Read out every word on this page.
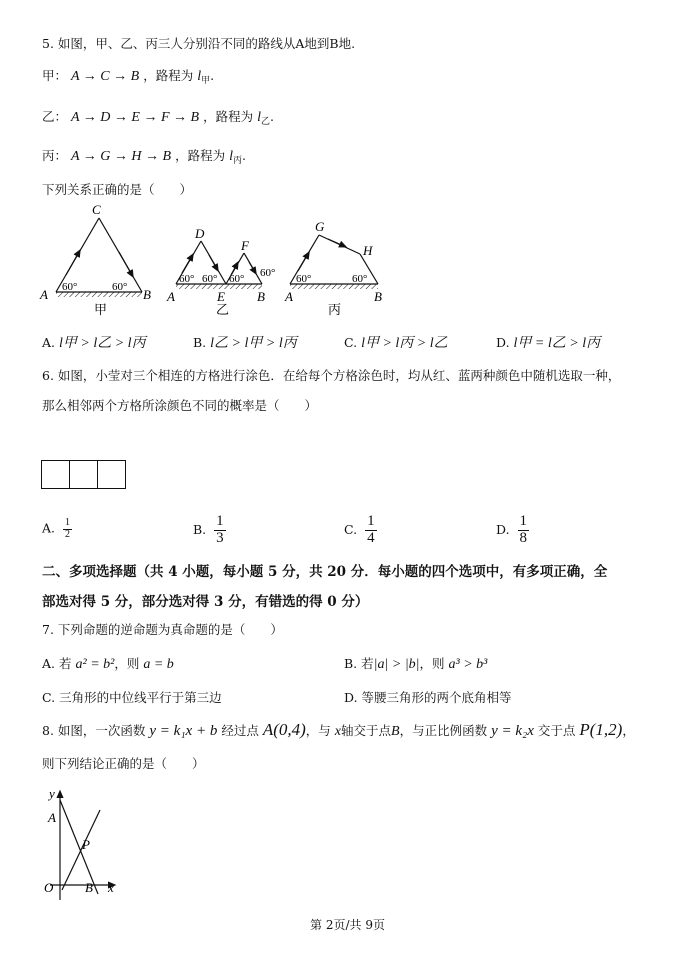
5. 如图，甲、乙、丙三人分别沿不同的路线从A地到B地.
甲： A → C → B ，路程为 $l_甲$.
乙： A → D → E → F → B ，路程为 $l_乙$.
丙： A → G → H → B ，路程为 $l_丙$.
下列关系正确的是（　　）
C
A	B
60°	60°
甲
D
F
A	E B
60° 60° 60° 60°
乙
G
H
A	B
60°	60°
丙
A. l甲 > l乙 > l丙	B. l乙 > l甲 > l丙	C. l甲 > l丙 > l乙	D. l甲 = l乙 > l丙
6. 如图，小莹对三个相连的方格进行涂色．在给每个方格涂色时，均从红、蓝两种颜色中随机选取一种，
那么相邻两个方格所涂颜色不同的概率是（　　）
A. $\frac{1}{2}$	B. $\frac{1}{3}$	C. $\frac{1}{4}$	D. $\frac{1}{8}$
二、多项选择题（共 4 小题，每小题 5 分，共 20 分．每小题的四个选项中，有多项正确，全
部选对得 5 分，部分选对得 3 分，有错选的得 0 分）
7. 下列命题的逆命题为真命题的是（　　）
A. 若 a² = b²，则 a = b	B. 若|a| > |b|，则 a³ > b³
C. 三角形的中位线平行于第三边	D. 等腰三角形的两个底角相等
8. 如图，一次函数 y = k₁x + b 经过点 A(0,4)，与 x轴交于点B，与正比例函数 y = k₂x 交于点 P(1,2)，
则下列结论正确的是（　　）
y
A
P
O B x
第 2页/共 9页
